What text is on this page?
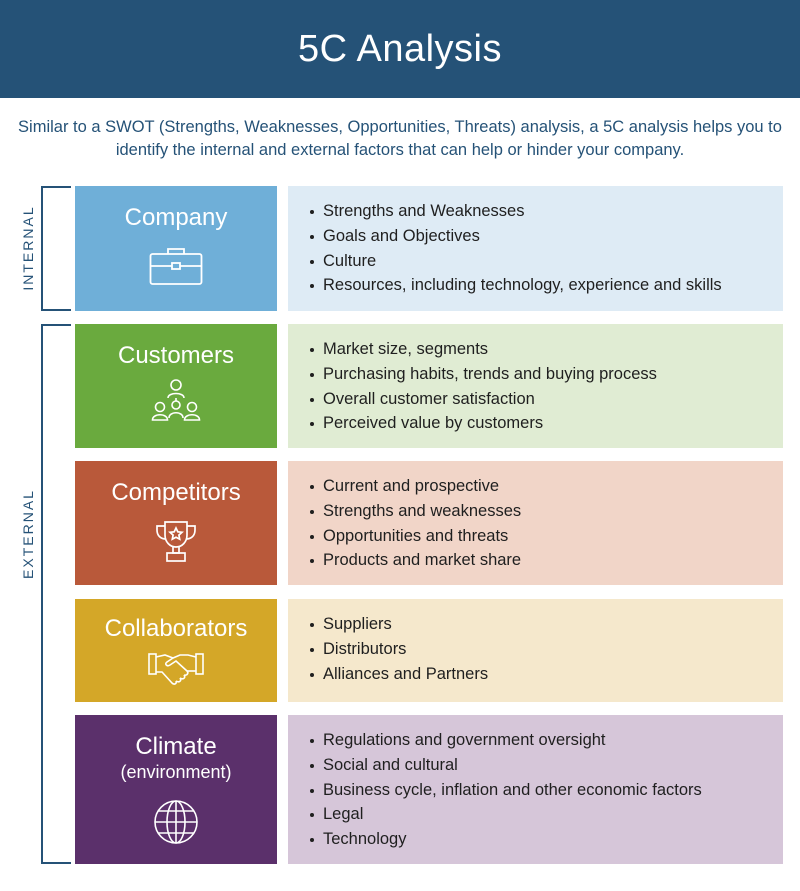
5C Analysis

Similar to a SWOT (Strengths, Weaknesses, Opportunities, Threats) analysis, a 5C analysis helps you to identify the internal and external factors that can help or hinder your company.

INTERNAL
EXTERNAL
Company	Strengths and Weaknesses
Goals and Objectives
Culture
Resources, including technology, experience and skills
Customers	Market size, segments
Purchasing habits, trends and buying process
Overall customer satisfaction
Perceived value by customers
Competitors	Current and prospective
Strengths and weaknesses
Opportunities and threats
Products and market share
Collaborators	Suppliers
Distributors
Alliances and Partners
Climate
(environment)
Regulations and government oversight
Social and cultural
Business cycle, inflation and other economic factors
Legal
Technology
